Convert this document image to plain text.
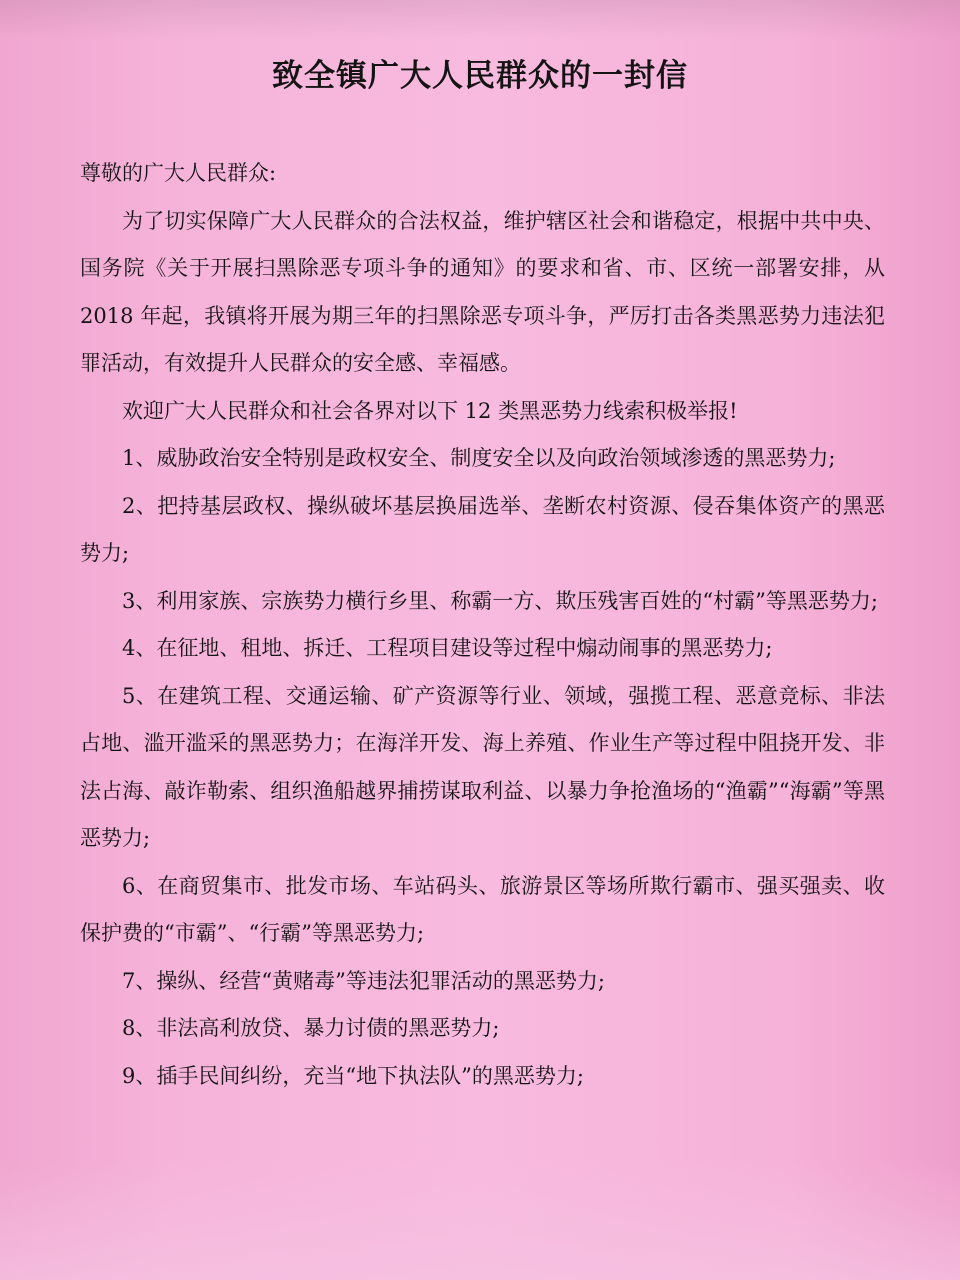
致全镇广大人民群众的一封信

尊敬的广大人民群众:

为了切实保障广大人民群众的合法权益，维护辖区社会和谐稳定，根据中共中央、国务院《关于开展扫黑除恶专项斗争的通知》的要求和省、市、区统一部署安排，从 2018 年起，我镇将开展为期三年的扫黑除恶专项斗争，严厉打击各类黑恶势力违法犯罪活动，有效提升人民群众的安全感、幸福感。

欢迎广大人民群众和社会各界对以下 12 类黑恶势力线索积极举报!

1、威胁政治安全特别是政权安全、制度安全以及向政治领域渗透的黑恶势力;

2、把持基层政权、操纵破坏基层换届选举、垄断农村资源、侵吞集体资产的黑恶势力;

3、利用家族、宗族势力横行乡里、称霸一方、欺压残害百姓的“村霸”等黑恶势力;

4、在征地、租地、拆迁、工程项目建设等过程中煽动闹事的黑恶势力;

5、在建筑工程、交通运输、矿产资源等行业、领域，强揽工程、恶意竞标、非法占地、滥开滥采的黑恶势力；在海洋开发、海上养殖、作业生产等过程中阻挠开发、非法占海、敲诈勒索、组织渔船越界捕捞谋取利益、以暴力争抢渔场的“渔霸”“海霸”等黑恶势力;

6、在商贸集市、批发市场、车站码头、旅游景区等场所欺行霸市、强买强卖、收保护费的“市霸”、“行霸”等黑恶势力;

7、操纵、经营“黄赌毒”等违法犯罪活动的黑恶势力;

8、非法高利放贷、暴力讨债的黑恶势力;

9、插手民间纠纷，充当“地下执法队”的黑恶势力;
